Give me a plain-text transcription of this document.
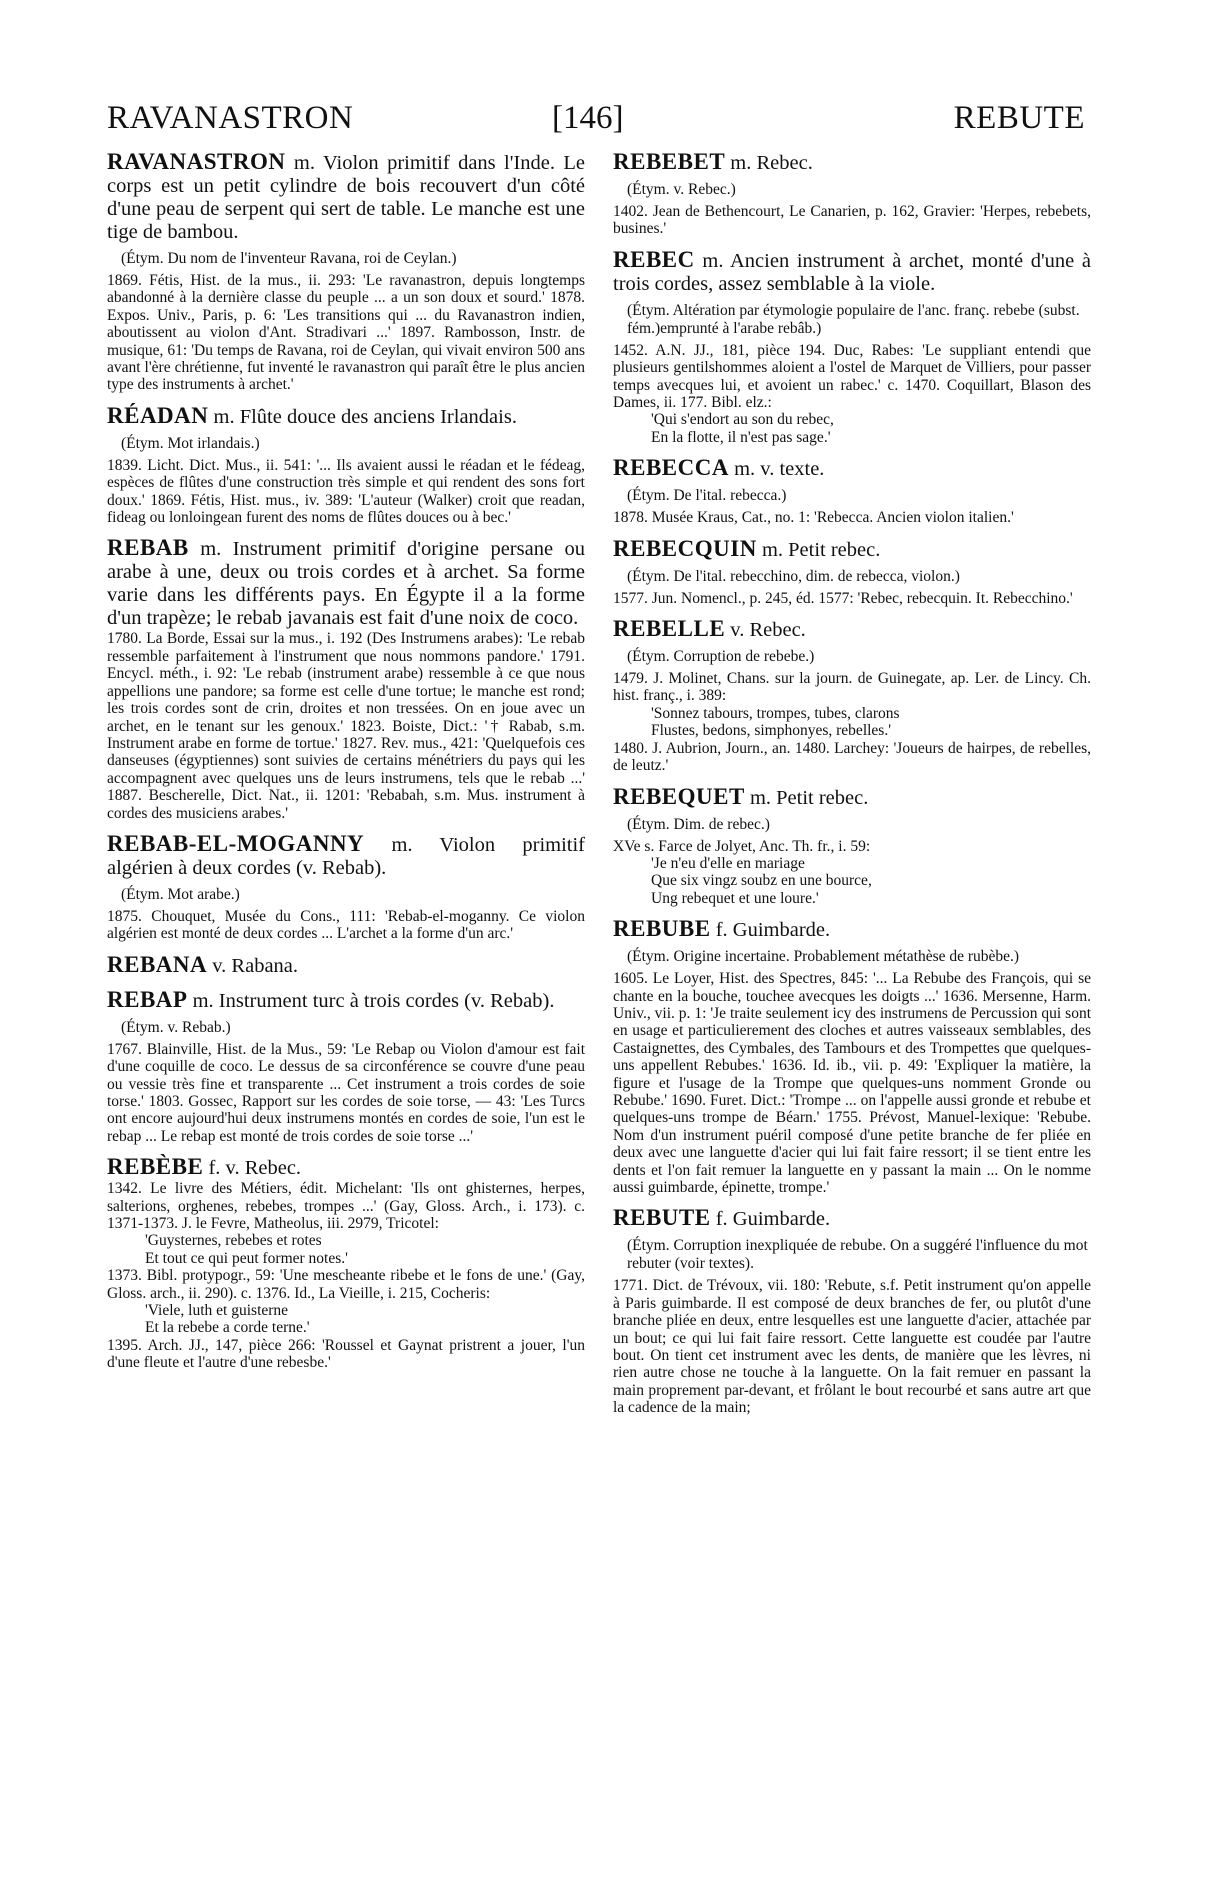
RAVANASTRON	[146]	REBUTE

RAVANASTRON m. Violon primitif dans l'Inde. Le corps est un petit cylindre de bois recouvert d'un côté d'une peau de serpent qui sert de table. Le manche est une tige de bambou.

(Étym. Du nom de l'inventeur Ravana, roi de Ceylan.)
1869. Fétis, Hist. de la mus., ii. 293: 'Le ravanastron, depuis longtemps abandonné à la dernière classe du peuple ... a un son doux et sourd.' 1878. Expos. Univ., Paris, p. 6: 'Les transitions qui ... du Ravanastron indien, aboutissent au violon d'Ant. Stradivari ...' 1897. Rambosson, Instr. de musique, 61: 'Du temps de Ravana, roi de Ceylan, qui vivait environ 500 ans avant l'ère chrétienne, fut inventé le ravanastron qui paraît être le plus ancien type des instruments à archet.'

RÉADAN m. Flûte douce des anciens Irlandais.

(Étym. Mot irlandais.)
1839. Licht. Dict. Mus., ii. 541: '... Ils avaient aussi le réadan et le fédeag, espèces de flûtes d'une construction très simple et qui rendent des sons fort doux.' 1869. Fétis, Hist. mus., iv. 389: 'L'auteur (Walker) croit que readan, fideag ou lonloingean furent des noms de flûtes douces ou à bec.'

REBAB m. Instrument primitif d'origine persane ou arabe à une, deux ou trois cordes et à archet. Sa forme varie dans les différents pays. En Égypte il a la forme d'un trapèze; le rebab javanais est fait d'une noix de coco.

1780. La Borde, Essai sur la mus., i. 192 (Des Instrumens arabes): 'Le rebab ressemble parfaitement à l'instrument que nous nommons pandore.' 1791. Encycl. méth., i. 92: 'Le rebab (instrument arabe) ressemble à ce que nous appellions une pandore; sa forme est celle d'une tortue; le manche est rond; les trois cordes sont de crin, droites et non tressées. On en joue avec un archet, en le tenant sur les genoux.' 1823. Boiste, Dict.: '† Rabab, s.m. Instrument arabe en forme de tortue.' 1827. Rev. mus., 421: 'Quelquefois ces danseuses (égyptiennes) sont suivies de certains ménétriers du pays qui les accompagnent avec quelques uns de leurs instrumens, tels que le rebab ...' 1887. Bescherelle, Dict. Nat., ii. 1201: 'Rebabah, s.m. Mus. instrument à cordes des musiciens arabes.'

REBAB-EL-MOGANNY m. Violon primitif algérien à deux cordes (v. Rebab).

(Étym. Mot arabe.)
1875. Chouquet, Musée du Cons., 111: 'Rebab-el-moganny. Ce violon algérien est monté de deux cordes ... L'archet a la forme d'un arc.'

REBANA v. Rabana.

REBAP m. Instrument turc à trois cordes (v. Rebab).

(Étym. v. Rebab.)
1767. Blainville, Hist. de la Mus., 59: 'Le Rebap ou Violon d'amour est fait d'une coquille de coco. Le dessus de sa circonférence se couvre d'une peau ou vessie très fine et transparente ... Cet instrument a trois cordes de soie torse.' 1803. Gossec, Rapport sur les cordes de soie torse, — 43: 'Les Turcs ont encore aujourd'hui deux instrumens montés en cordes de soie, l'un est le rebap ... Le rebap est monté de trois cordes de soie torse ...'

REBÈBE f. v. Rebec.

1342. Le livre des Métiers, édit. Michelant: 'Ils ont ghisternes, herpes, salterions, orghenes, rebebes, trompes ...' (Gay, Gloss. Arch., i. 173). c. 1371-1373. J. le Fevre, Matheolus, iii. 2979, Tricotel:
'Guysternes, rebebes et rotes
Et tout ce qui peut former notes.'
1373. Bibl. protypogr., 59: 'Une mescheante ribebe et le fons de une.' (Gay, Gloss. arch., ii. 290). c. 1376. Id., La Vieille, i. 215, Cocheris:
'Viele, luth et guisterne
Et la rebebe a corde terne.'
1395. Arch. JJ., 147, pièce 266: 'Roussel et Gaynat pristrent a jouer, l'un d'une fleute et l'autre d'une rebesbe.'

REBEBET m. Rebec.

(Étym. v. Rebec.)
1402. Jean de Bethencourt, Le Canarien, p. 162, Gravier: 'Herpes, rebebets, busines.'

REBEC m. Ancien instrument à archet, monté d'une à trois cordes, assez semblable à la viole.

(Étym. Altération par étymologie populaire de l'anc. franç. rebebe (subst. fém.)emprunté à l'arabe rebâb.)
1452. A.N. JJ., 181, pièce 194. Duc, Rabes: 'Le suppliant entendi que plusieurs gentilshommes aloient a l'ostel de Marquet de Villiers, pour passer temps avecques lui, et avoient un rabec.' c. 1470. Coquillart, Blason des Dames, ii. 177. Bibl. elz.:
'Qui s'endort au son du rebec,
En la flotte, il n'est pas sage.'

REBECCA m. v. texte.

(Étym. De l'ital. rebecca.)
1878. Musée Kraus, Cat., no. 1: 'Rebecca. Ancien violon italien.'

REBECQUIN m. Petit rebec.

(Étym. De l'ital. rebecchino, dim. de rebecca, violon.)
1577. Jun. Nomencl., p. 245, éd. 1577: 'Rebec, rebecquin. It. Rebecchino.'

REBELLE v. Rebec.

(Étym. Corruption de rebebe.)
1479. J. Molinet, Chans. sur la journ. de Guinegate, ap. Ler. de Lincy. Ch. hist. franç., i. 389:
'Sonnez tabours, trompes, tubes, clarons
Flustes, bedons, simphonyes, rebelles.'
1480. J. Aubrion, Journ., an. 1480. Larchey: 'Joueurs de hairpes, de rebelles, de leutz.'

REBEQUET m. Petit rebec.

(Étym. Dim. de rebec.)
XVe s. Farce de Jolyet, Anc. Th. fr., i. 59:
'Je n'eu d'elle en mariage
Que six vingz soubz en une bource,
Ung rebequet et une loure.'

REBUBE f. Guimbarde.

(Étym. Origine incertaine. Probablement métathèse de rubèbe.)
1605. Le Loyer, Hist. des Spectres, 845: '... La Rebube des François, qui se chante en la bouche, touchee avecques les doigts ...' 1636. Mersenne, Harm. Univ., vii. p. 1: 'Je traite seulement icy des instrumens de Percussion qui sont en usage et particulierement des cloches et autres vaisseaux semblables, des Castaignettes, des Cymbales, des Tambours et des Trompettes que quelques-uns appellent Rebubes.' 1636. Id. ib., vii. p. 49: 'Expliquer la matière, la figure et l'usage de la Trompe que quelques-uns nomment Gronde ou Rebube.' 1690. Furet. Dict.: 'Trompe ... on l'appelle aussi gronde et rebube et quelques-uns trompe de Béarn.' 1755. Prévost, Manuel-lexique: 'Rebube. Nom d'un instrument puéril composé d'une petite branche de fer pliée en deux avec une languette d'acier qui lui fait faire ressort; il se tient entre les dents et l'on fait remuer la languette en y passant la main ... On le nomme aussi guimbarde, épinette, trompe.'

REBUTE f. Guimbarde.

(Étym. Corruption inexpliquée de rebube. On a suggéré l'influence du mot rebuter (voir textes).
1771. Dict. de Trévoux, vii. 180: 'Rebute, s.f. Petit instrument qu'on appelle à Paris guimbarde. Il est composé de deux branches de fer, ou plutôt d'une branche pliée en deux, entre lesquelles est une languette d'acier, attachée par un bout; ce qui lui fait faire ressort. Cette languette est coudée par l'autre bout. On tient cet instrument avec les dents, de manière que les lèvres, ni rien autre chose ne touche à la languette. On la fait remuer en passant la main proprement par-devant, et frôlant le bout recourbé et sans autre art que la cadence de la main;
